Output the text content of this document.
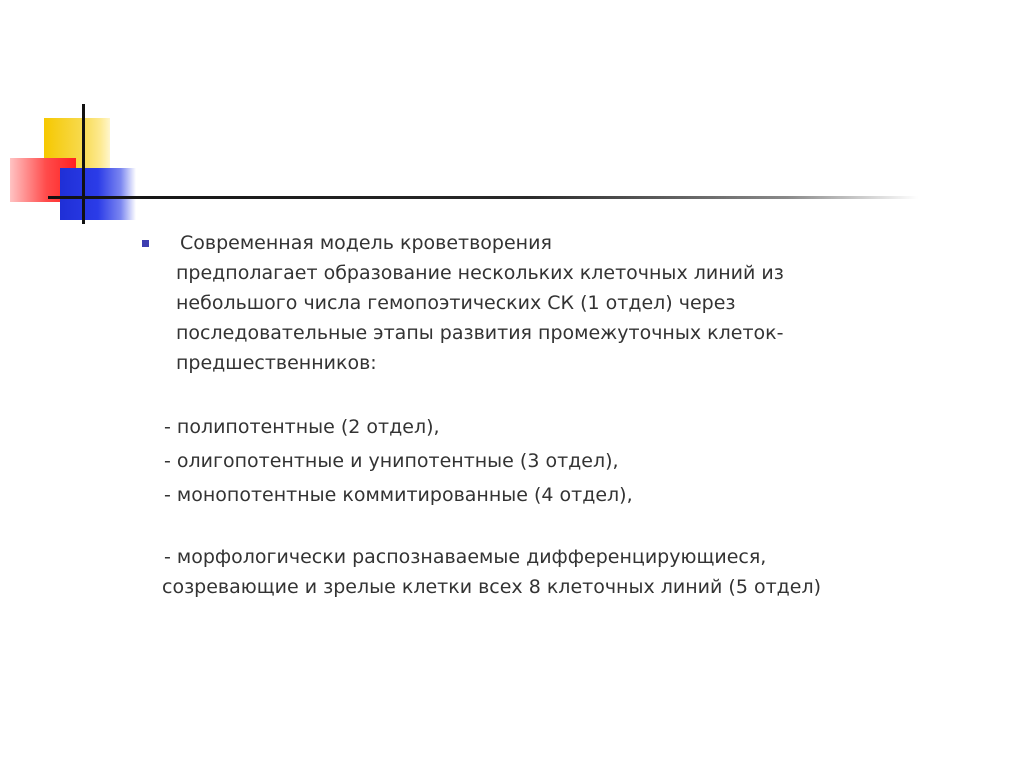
Современная модель кроветворения
предполагает образование нескольких клеточных линий из небольшого числа гемопоэтических СК (1 отдел) через последовательные этапы развития промежуточных клеток-предшественников:
- полипотентные (2 отдел),
- олигопотентные и унипотентные (3 отдел),
- монопотентные коммитированные (4 отдел),
- морфологически распознаваемые дифференцирующиеся,
созревающие и зрелые клетки всех 8 клеточных линий (5 отдел)
